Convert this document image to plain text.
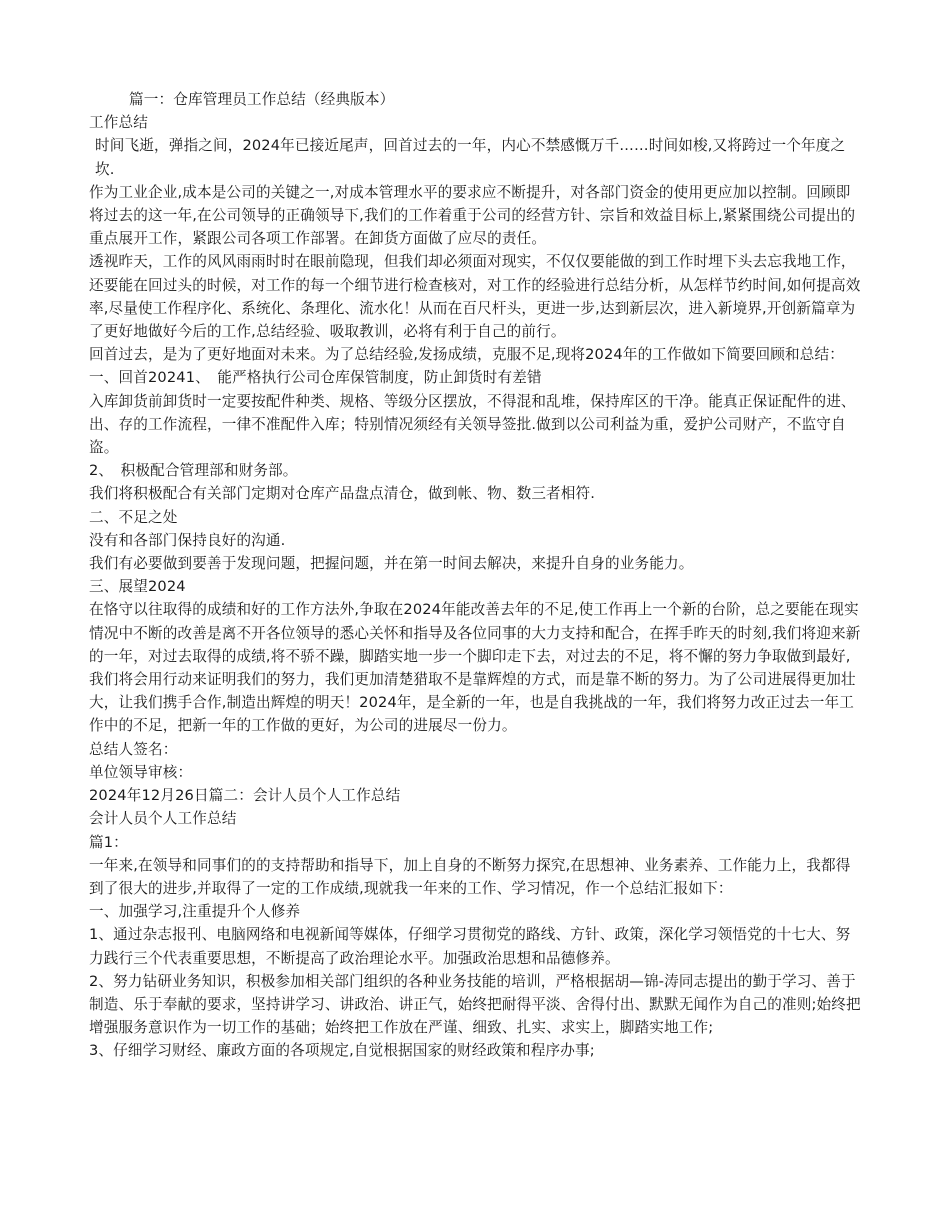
篇一：仓库管理员工作总结（经典版本）

工作总结

时间飞逝，弹指之间，2024年已接近尾声，回首过去的一年，内心不禁感慨万千……时间如梭,又将跨过一个年度之坎.

作为工业企业,成本是公司的关键之一,对成本管理水平的要求应不断提升，对各部门资金的使用更应加以控制。回顾即将过去的这一年,在公司领导的正确领导下,我们的工作着重于公司的经营方针、宗旨和效益目标上,紧紧围绕公司提出的重点展开工作，紧跟公司各项工作部署。在卸货方面做了应尽的责任。

透视昨天，工作的风风雨雨时时在眼前隐现，但我们却必须面对现实，不仅仅要能做的到工作时埋下头去忘我地工作，还要能在回过头的时候，对工作的每一个细节进行检查核对，对工作的经验进行总结分析，从怎样节约时间,如何提高效率,尽量使工作程序化、系统化、条理化、流水化！从而在百尺杆头，更进一步,达到新层次，进入新境界,开创新篇章为了更好地做好今后的工作,总结经验、吸取教训，必将有利于自己的前行。

回首过去，是为了更好地面对未来。为了总结经验,发扬成绩，克服不足,现将2024年的工作做如下简要回顾和总结：

一、回首20241、　能严格执行公司仓库保管制度，防止卸货时有差错

入库卸货前卸货时一定要按配件种类、规格、等级分区摆放，不得混和乱堆，保持库区的干净。能真正保证配件的进、出、存的工作流程，一律不准配件入库；特别情况须经有关领导签批.做到以公司利益为重，爱护公司财产，不监守自盗。

2、　积极配合管理部和财务部。

我们将积极配合有关部门定期对仓库产品盘点清仓，做到帐、物、数三者相符.

二、不足之处

没有和各部门保持良好的沟通.

我们有必要做到要善于发现问题，把握问题，并在第一时间去解决，来提升自身的业务能力。

三、展望2024

在恪守以往取得的成绩和好的工作方法外,争取在2024年能改善去年的不足,使工作再上一个新的台阶，总之要能在现实情况中不断的改善是离不开各位领导的悉心关怀和指导及各位同事的大力支持和配合，在挥手昨天的时刻,我们将迎来新的一年，对过去取得的成绩,将不骄不躁，脚踏实地一步一个脚印走下去，对过去的不足，将不懈的努力争取做到最好,我们将会用行动来证明我们的努力，我们更加清楚猎取不是靠辉煌的方式，而是靠不断的努力。为了公司进展得更加壮大，让我们携手合作,制造出辉煌的明天！2024年，是全新的一年，也是自我挑战的一年，我们将努力改正过去一年工作中的不足，把新一年的工作做的更好，为公司的进展尽一份力。

总结人签名：

单位领导审核：

2024年12月26日篇二：会计人员个人工作总结

会计人员个人工作总结

篇1：

一年来,在领导和同事们的的支持帮助和指导下，加上自身的不断努力探究,在思想神、业务素养、工作能力上，我都得到了很大的进步,并取得了一定的工作成绩,现就我一年来的工作、学习情况，作一个总结汇报如下：

一、加强学习,注重提升个人修养

1、通过杂志报刊、电脑网络和电视新闻等媒体，仔细学习贯彻党的路线、方针、政策，深化学习领悟党的十七大、努力践行三个代表重要思想，不断提高了政治理论水平。加强政治思想和品德修养。

2、努力钻研业务知识，积极参加相关部门组织的各种业务技能的培训，严格根据胡—锦-涛同志提出的勤于学习、善于制造、乐于奉献的要求，坚持讲学习、讲政治、讲正气，始终把耐得平淡、舍得付出、默默无闻作为自己的准则;始终把增强服务意识作为一切工作的基础；始终把工作放在严谨、细致、扎实、求实上，脚踏实地工作;

3、仔细学习财经、廉政方面的各项规定,自觉根据国家的财经政策和程序办事;
